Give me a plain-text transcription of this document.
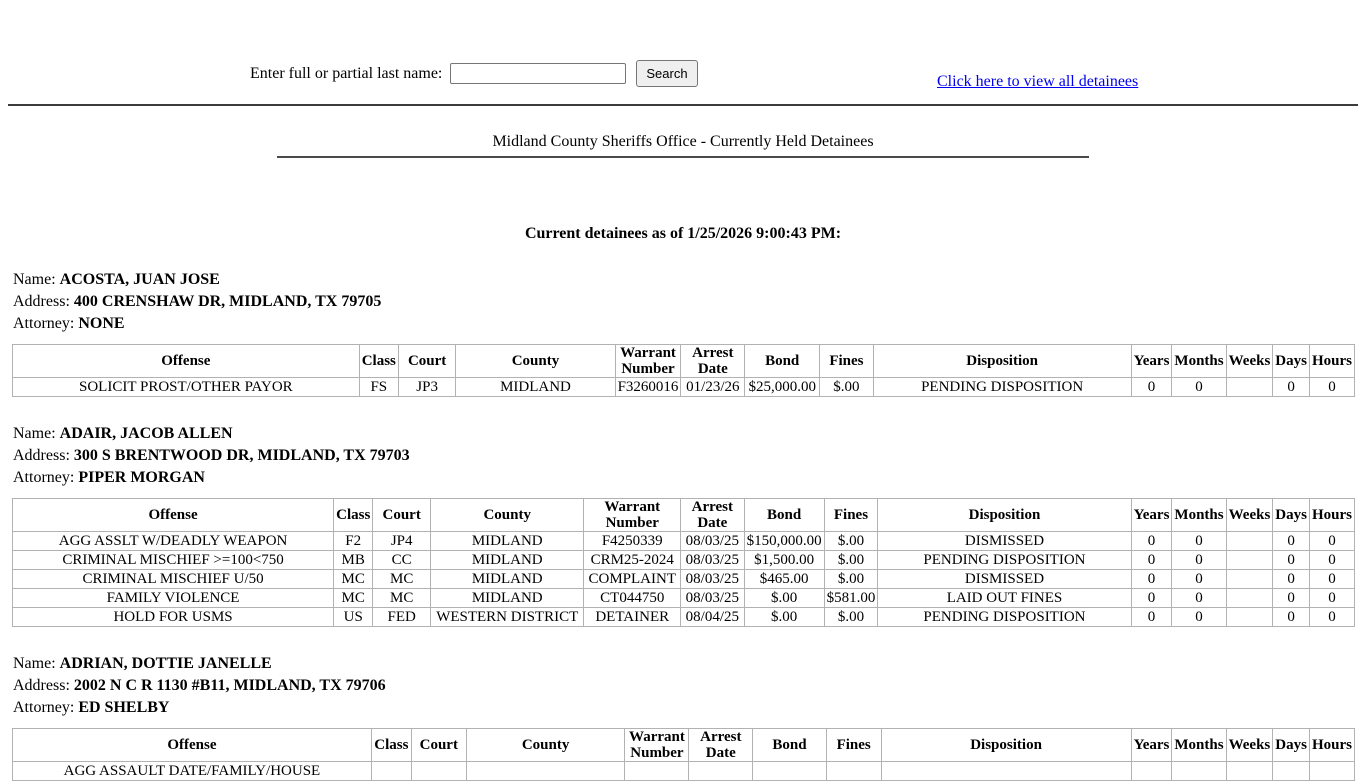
Enter full or partial last name:	Search	Click here to view all detainees
Midland County Sheriffs Office - Currently Held Detainees
Current detainees as of 1/25/2026 9:00:43 PM:

Name: ACOSTA, JUAN JOSE

Address: 400 CRENSHAW DR, MIDLAND, TX 79705

Attorney: NONE

Offense	Class	Court	County	Warrant Number	Arrest Date	Bond	Fines	Disposition	Years	Months	Weeks	Days	Hours
SOLICIT PROST/OTHER PAYOR	FS	JP3	MIDLAND	F3260016	01/23/26	$25,000.00	$.00	PENDING DISPOSITION	0	0		0	0

Name: ADAIR, JACOB ALLEN

Address: 300 S BRENTWOOD DR, MIDLAND, TX 79703

Attorney: PIPER MORGAN

Offense	Class	Court	County	Warrant Number	Arrest Date	Bond	Fines	Disposition	Years	Months	Weeks	Days	Hours
AGG ASSLT W/DEADLY WEAPON	F2	JP4	MIDLAND	F4250339	08/03/25	$150,000.00	$.00	DISMISSED	0	0		0	0
CRIMINAL MISCHIEF >=100<750	MB	CC	MIDLAND	CRM25-2024	08/03/25	$1,500.00	$.00	PENDING DISPOSITION	0	0		0	0
CRIMINAL MISCHIEF U/50	MC	MC	MIDLAND	COMPLAINT	08/03/25	$465.00	$.00	DISMISSED	0	0		0	0
FAMILY VIOLENCE	MC	MC	MIDLAND	CT044750	08/03/25	$.00	$581.00	LAID OUT FINES	0	0		0	0
HOLD FOR USMS	US	FED	WESTERN DISTRICT	DETAINER	08/04/25	$.00	$.00	PENDING DISPOSITION	0	0		0	0

Name: ADRIAN, DOTTIE JANELLE

Address: 2002 N C R 1130 #B11, MIDLAND, TX 79706

Attorney: ED SHELBY

Offense	Class	Court	County	Warrant Number	Arrest Date	Bond	Fines	Disposition	Years	Months	Weeks	Days	Hours
AGG ASSAULT DATE/FAMILY/HOUSE													
